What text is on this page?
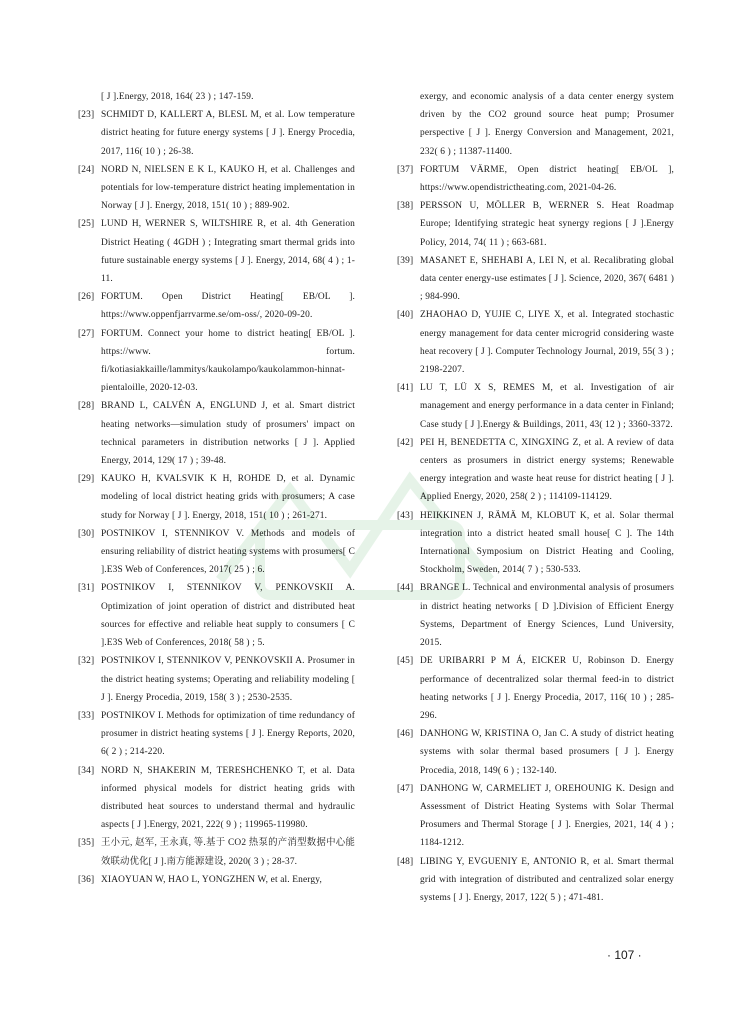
[ J ].Energy, 2018, 164( 23 ) ; 147-159.
[23] SCHMIDT D, KALLERT A, BLESL M, et al. Low temperature district heating for future energy systems [ J ]. Energy Procedia, 2017, 116( 10 ) ; 26-38.
[24] NORD N, NIELSEN E K L, KAUKO H, et al. Challenges and potentials for low-temperature district heating implementation in Norway [ J ]. Energy, 2018, 151( 10 ) ; 889-902.
[25] LUND H, WERNER S, WILTSHIRE R, et al. 4th Generation District Heating ( 4GDH ) ; Integrating smart thermal grids into future sustainable energy systems [ J ]. Energy, 2014, 68( 4 ) ; 1-11.
[26] FORTUM. Open District Heating[ EB/OL ]. https://www.oppenfjarrvarme.se/om-oss/, 2020-09-20.
[27] FORTUM. Connect your home to district heating[ EB/OL ]. https://www. fortum. fi/kotiasiakkaille/lammitys/kaukolampo/kaukolammon-hinnat-pientaloille, 2020-12-03.
[28] BRAND L, CALVÉN A, ENGLUND J, et al. Smart district heating networks—simulation study of prosumers' impact on technical parameters in distribution networks [ J ]. Applied Energy, 2014, 129( 17 ) ; 39-48.
[29] KAUKO H, KVALSVIK K H, ROHDE D, et al. Dynamic modeling of local district heating grids with prosumers; A case study for Norway [ J ]. Energy, 2018, 151( 10 ) ; 261-271.
[30] POSTNIKOV I, STENNIKOV V. Methods and models of ensuring reliability of district heating systems with prosumers[ C ].E3S Web of Conferences, 2017( 25 ) ; 6.
[31] POSTNIKOV I, STENNIKOV V, PENKOVSKII A. Optimization of joint operation of district and distributed heat sources for effective and reliable heat supply to consumers [ C ].E3S Web of Conferences, 2018( 58 ) ; 5.
[32] POSTNIKOV I, STENNIKOV V, PENKOVSKII A. Prosumer in the district heating systems; Operating and reliability modeling [ J ]. Energy Procedia, 2019, 158( 3 ) ; 2530-2535.
[33] POSTNIKOV I. Methods for optimization of time redundancy of prosumer in district heating systems [ J ]. Energy Reports, 2020, 6( 2 ) ; 214-220.
[34] NORD N, SHAKERIN M, TERESHCHENKO T, et al. Data informed physical models for district heating grids with distributed heat sources to understand thermal and hydraulic aspects [ J ].Energy, 2021, 222( 9 ) ; 119965-119980.
[35] 王小元, 赵军, 王永真, 等.基于 CO2 热泵的产消型数据中心能效联动优化[ J ].南方能源建设, 2020( 3 ) ; 28-37.
[36] XIAOYUAN W, HAO L, YONGZHEN W, et al. Energy,
exergy, and economic analysis of a data center energy system driven by the CO2 ground source heat pump; Prosumer perspective [ J ]. Energy Conversion and Management, 2021, 232( 6 ) ; 11387-11400.
[37] FORTUM VÄRME, Open district heating[ EB/OL ], https://www.opendistrictheating.com, 2021-04-26.
[38] PERSSON U, MÖLLER B, WERNER S. Heat Roadmap Europe; Identifying strategic heat synergy regions [ J ].Energy Policy, 2014, 74( 11 ) ; 663-681.
[39] MASANET E, SHEHABI A, LEI N, et al. Recalibrating global data center energy-use estimates [ J ]. Science, 2020, 367( 6481 ) ; 984-990.
[40] ZHAOHAO D, YUJIE C, LIYE X, et al. Integrated stochastic energy management for data center microgrid considering waste heat recovery [ J ]. Computer Technology Journal, 2019, 55( 3 ) ; 2198-2207.
[41] LU T, LÜ X S, REMES M, et al. Investigation of air management and energy performance in a data center in Finland; Case study [ J ].Energy & Buildings, 2011, 43( 12 ) ; 3360-3372.
[42] PEI H, BENEDETTA C, XINGXING Z, et al. A review of data centers as prosumers in district energy systems; Renewable energy integration and waste heat reuse for district heating [ J ]. Applied Energy, 2020, 258( 2 ) ; 114109-114129.
[43] HEIKKINEN J, RÄMÄ M, KLOBUT K, et al. Solar thermal integration into a district heated small house[ C ]. The 14th International Symposium on District Heating and Cooling, Stockholm, Sweden, 2014( 7 ) ; 530-533.
[44] BRANGE L. Technical and environmental analysis of prosumers in district heating networks [ D ].Division of Efficient Energy Systems, Department of Energy Sciences, Lund University, 2015.
[45] DE URIBARRI P M Á, EICKER U, Robinson D. Energy performance of decentralized solar thermal feed-in to district heating networks [ J ]. Energy Procedia, 2017, 116( 10 ) ; 285-296.
[46] DANHONG W, KRISTINA O, Jan C. A study of district heating systems with solar thermal based prosumers [ J ]. Energy Procedia, 2018, 149( 6 ) ; 132-140.
[47] DANHONG W, CARMELIET J, OREHOUNIG K. Design and Assessment of District Heating Systems with Solar Thermal Prosumers and Thermal Storage [ J ]. Energies, 2021, 14( 4 ) ; 1184-1212.
[48] LIBING Y, EVGUENIY E, ANTONIO R, et al. Smart thermal grid with integration of distributed and centralized solar energy systems [ J ]. Energy, 2017, 122( 5 ) ; 471-481.
· 107 ·
